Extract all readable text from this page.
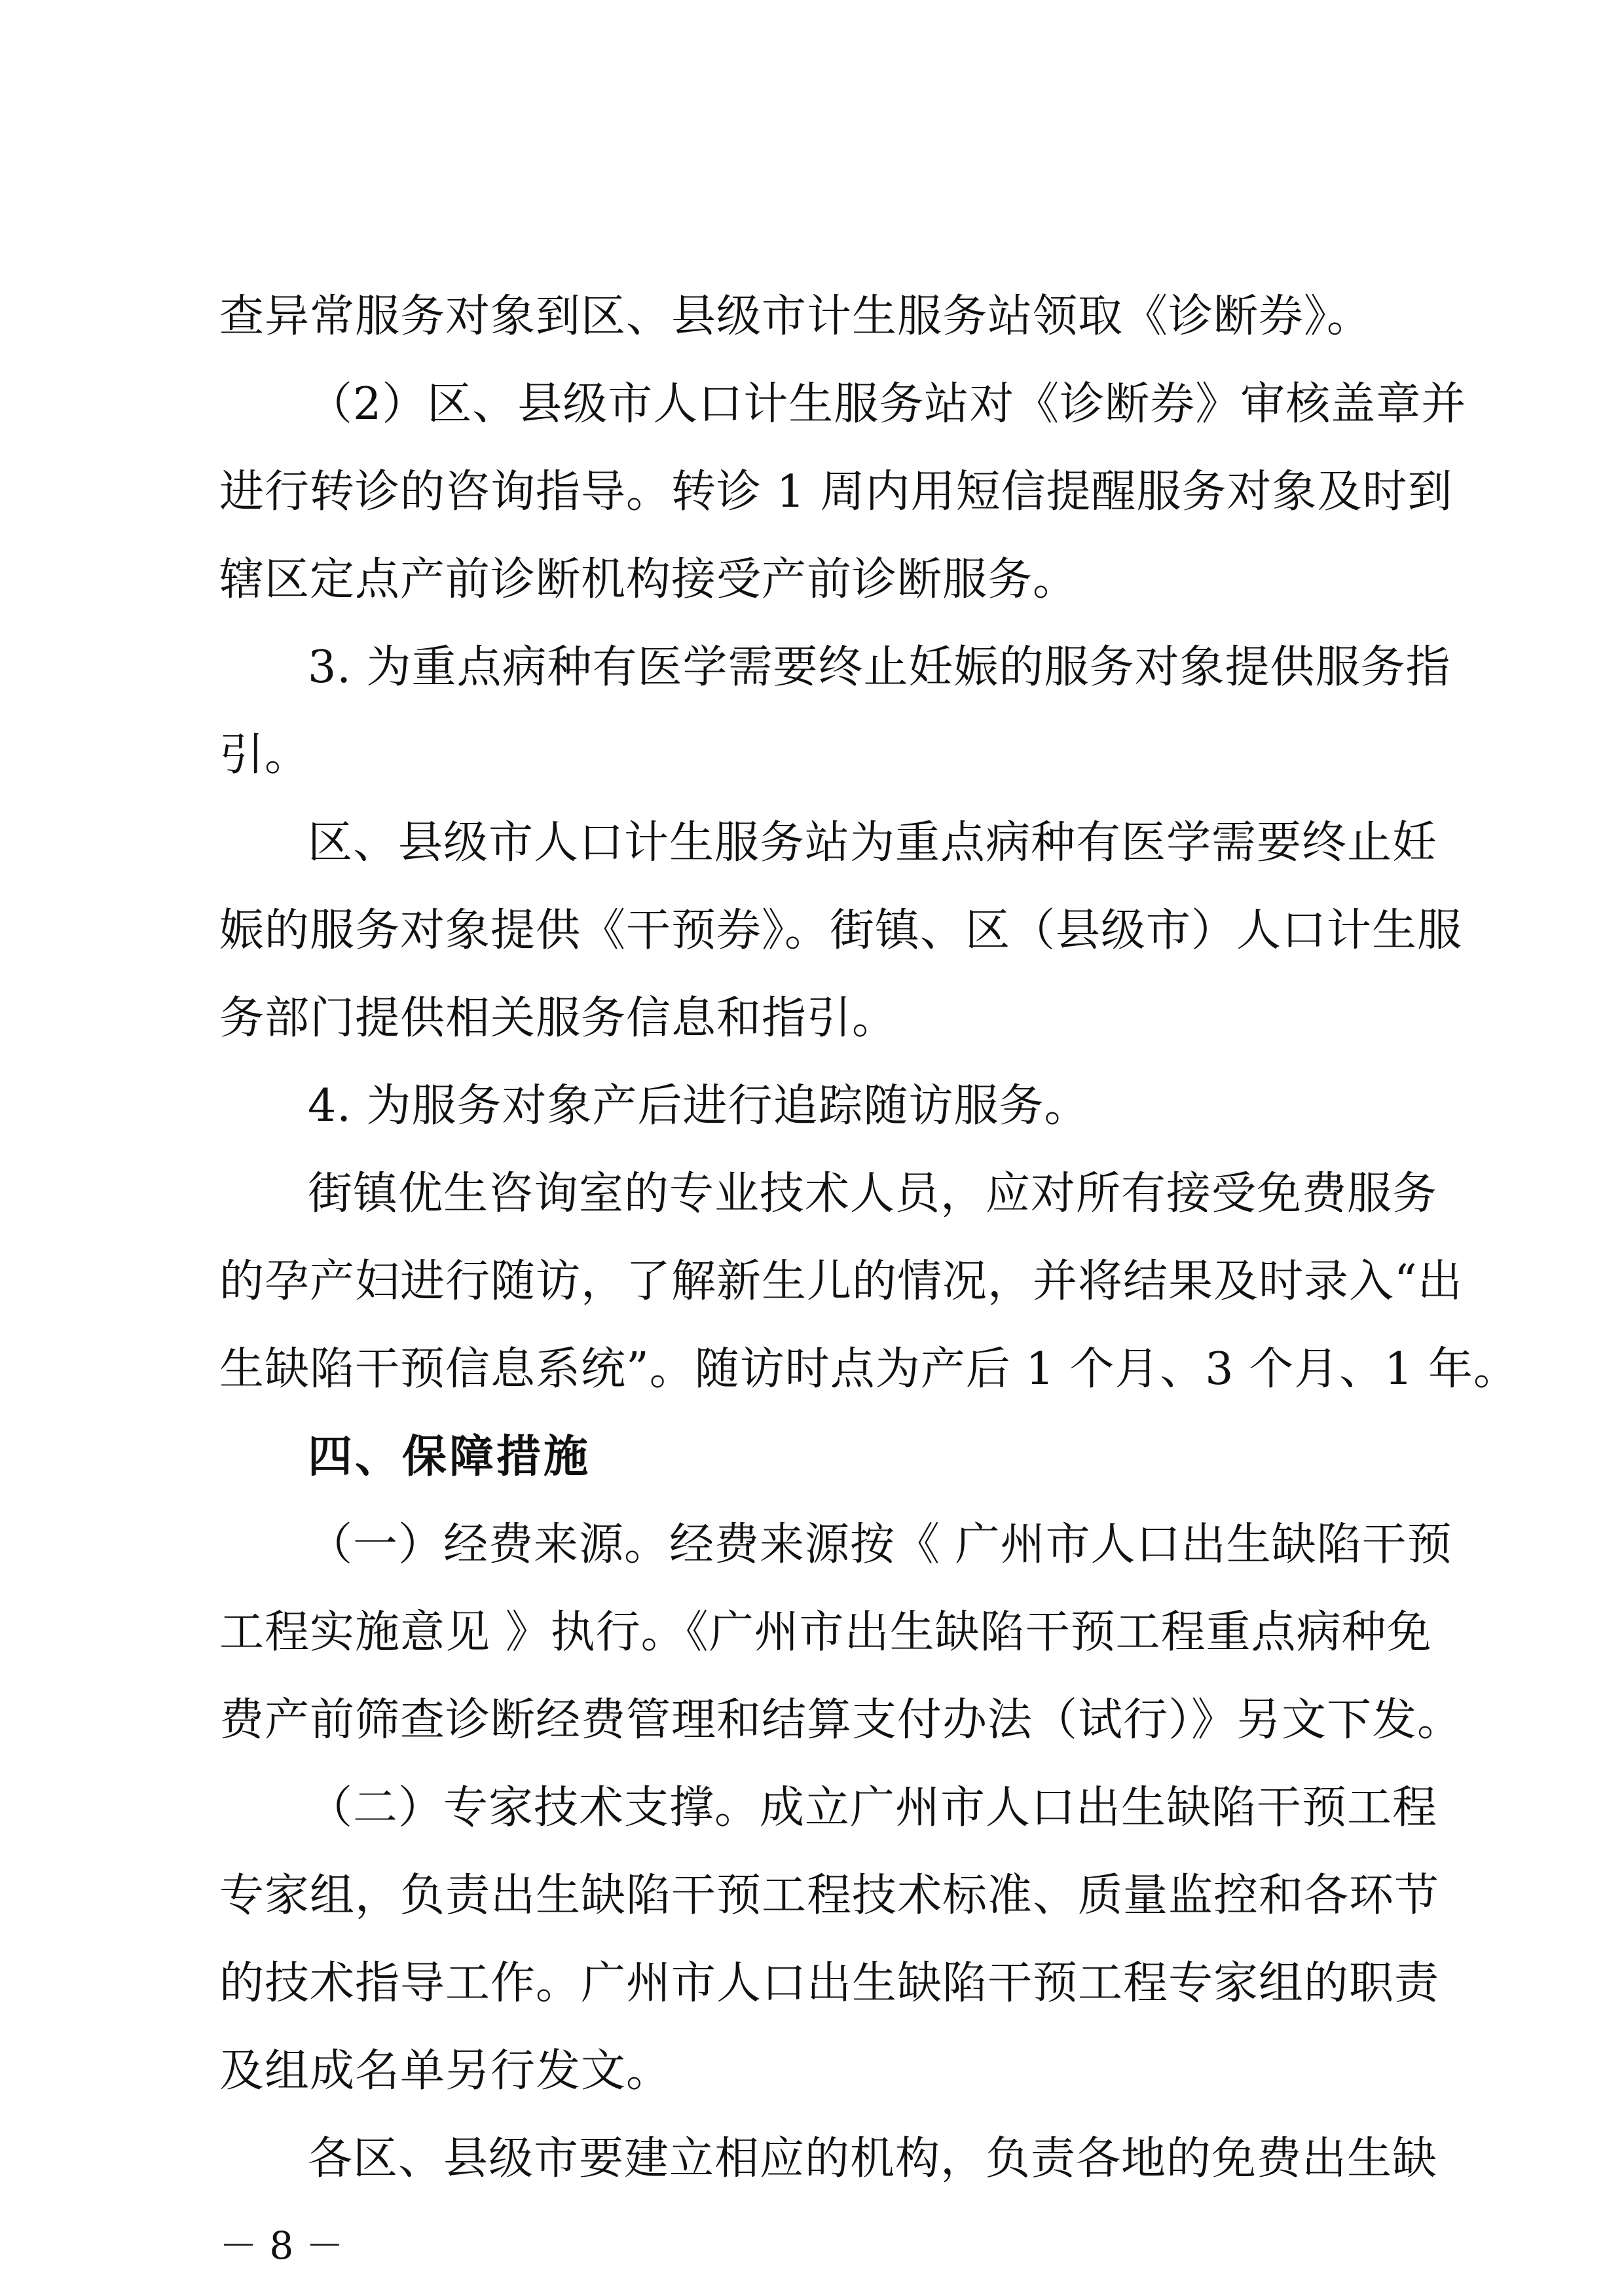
查异常服务对象到区、县级市计生服务站领取《诊断券》。
（2）区、县级市人口计生服务站对《诊断券》审核盖章并
进行转诊的咨询指导。转诊 1 周内用短信提醒服务对象及时到
辖区定点产前诊断机构接受产前诊断服务。
3. 为重点病种有医学需要终止妊娠的服务对象提供服务指
引。
区、县级市人口计生服务站为重点病种有医学需要终止妊
娠的服务对象提供《干预券》。街镇、区（县级市）人口计生服
务部门提供相关服务信息和指引。
4. 为服务对象产后进行追踪随访服务。
街镇优生咨询室的专业技术人员，应对所有接受免费服务
的孕产妇进行随访，了解新生儿的情况，并将结果及时录入“出
生缺陷干预信息系统”。随访时点为产后 1 个月、3 个月、1 年。
四、保障措施
（一）经费来源。经费来源按《 广州市人口出生缺陷干预
工程实施意见 》执行。《广州市出生缺陷干预工程重点病种免
费产前筛查诊断经费管理和结算支付办法（试行）》另文下发。
（二）专家技术支撑。成立广州市人口出生缺陷干预工程
专家组，负责出生缺陷干预工程技术标准、质量监控和各环节
的技术指导工作。广州市人口出生缺陷干预工程专家组的职责
及组成名单另行发文。
各区、县级市要建立相应的机构，负责各地的免费出生缺
－ 8 －
